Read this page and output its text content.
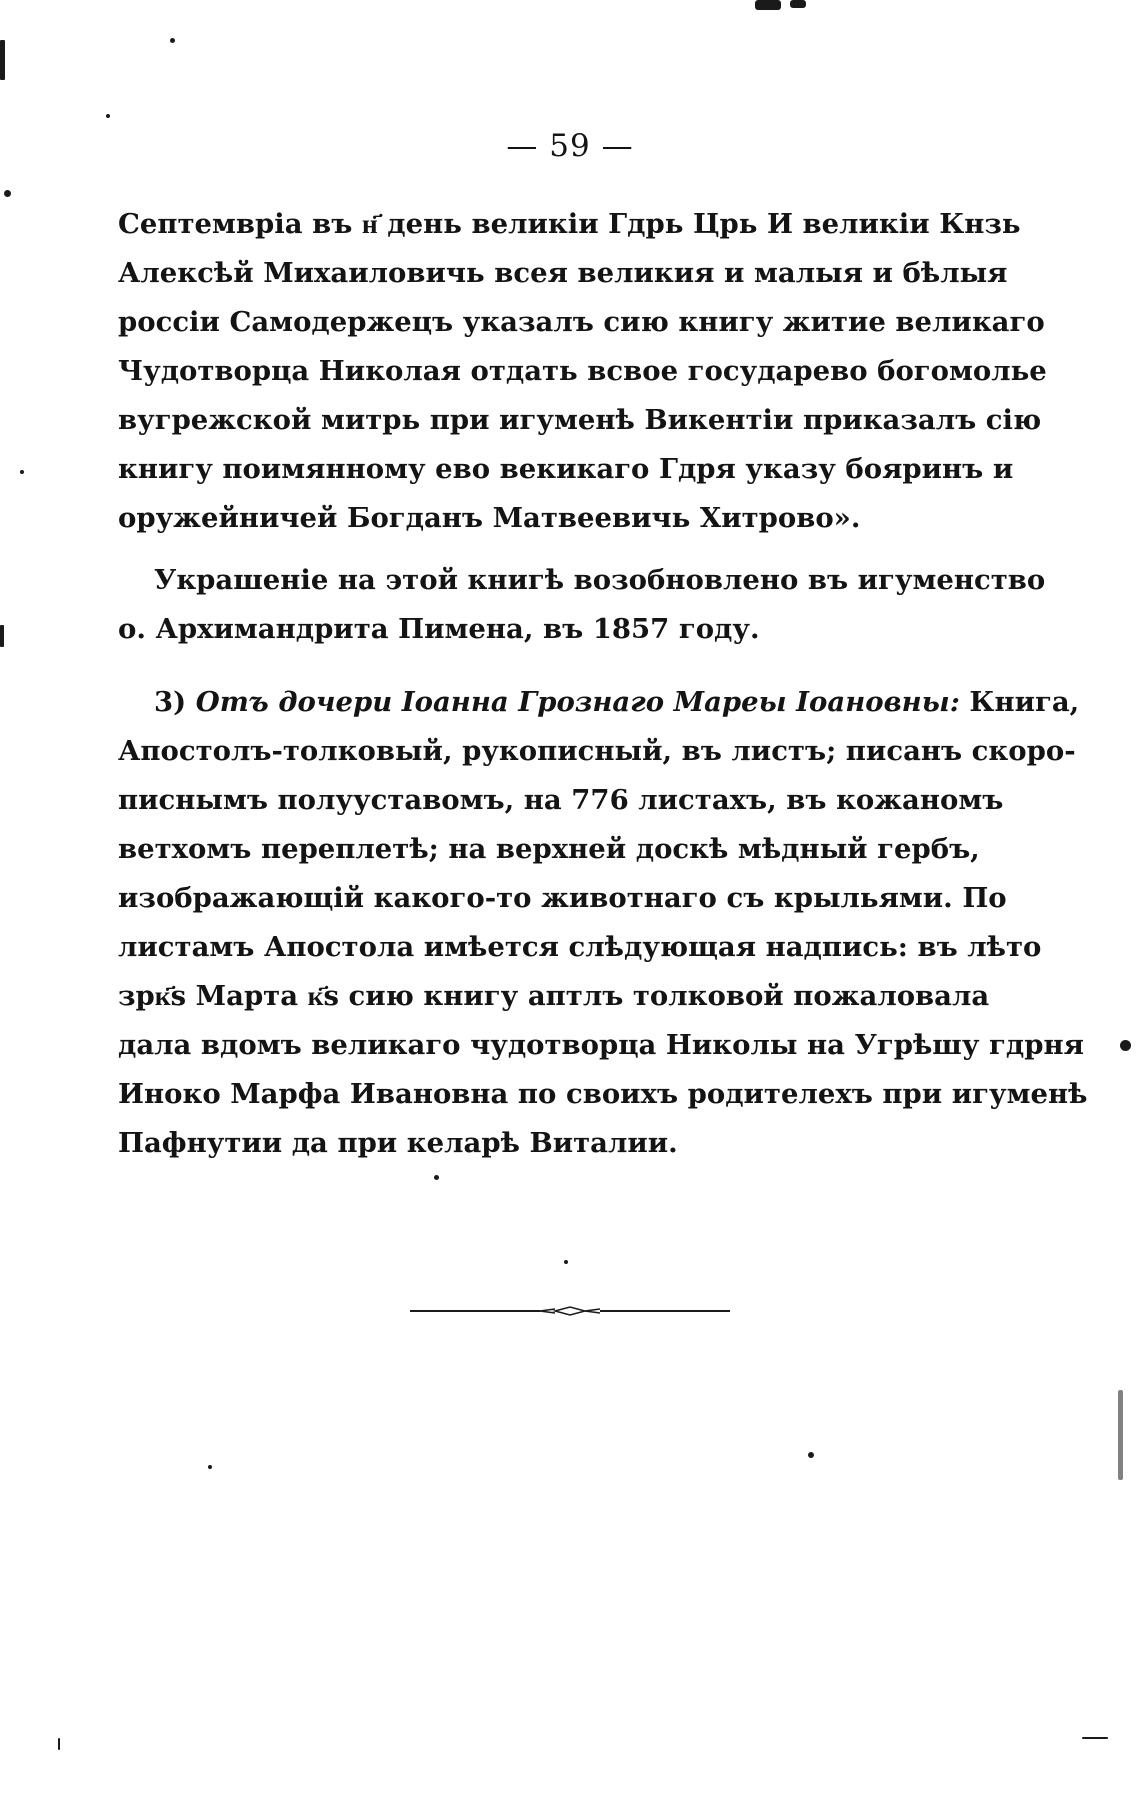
— 59 —
Септемвріа въ н҃ день великіи Гдрь Црь И великіи Кнзь
Алексѣй Михаиловичь всея великия и малыя и бѣлыя
россіи Самодержецъ указалъ сию книгу житие великаго
Чудотворца Николая отдать всвое государево богомолье
вугрежской митрь при игуменѣ Викентіи приказалъ сію
книгу поимянному ево векикаго Гдря указу бояринъ и
оружейничей Богданъ Матвеевичь Хитрово».
Украшеніе на этой книгѣ возобновлено въ игуменство
о. Архимандрита Пимена, въ 1857 году.
3) Отъ дочери Іоанна Грознаго Мареы Іоановны: Книга,
Апостолъ-толковый, рукописный, въ листъ; писанъ скоро-
писнымъ полууставомъ, на 776 листахъ, въ кожаномъ
ветхомъ переплетѣ; на верхней доскѣ мѣдный гербъ,
изображающій какого-то животнаго съ крыльями. По
листамъ Апостола имѣется слѣдующая надпись: въ лѣто
зрк҃ѕ Марта к҃ѕ сию книгу аптлъ толковой пожаловала
дала вдомъ великаго чудотворца Николы на Угрѣшу гдрня
Иноко Марфа Ивановна по своихъ родителехъ при игуменѣ
Пафнутии да при келарѣ Виталии.
